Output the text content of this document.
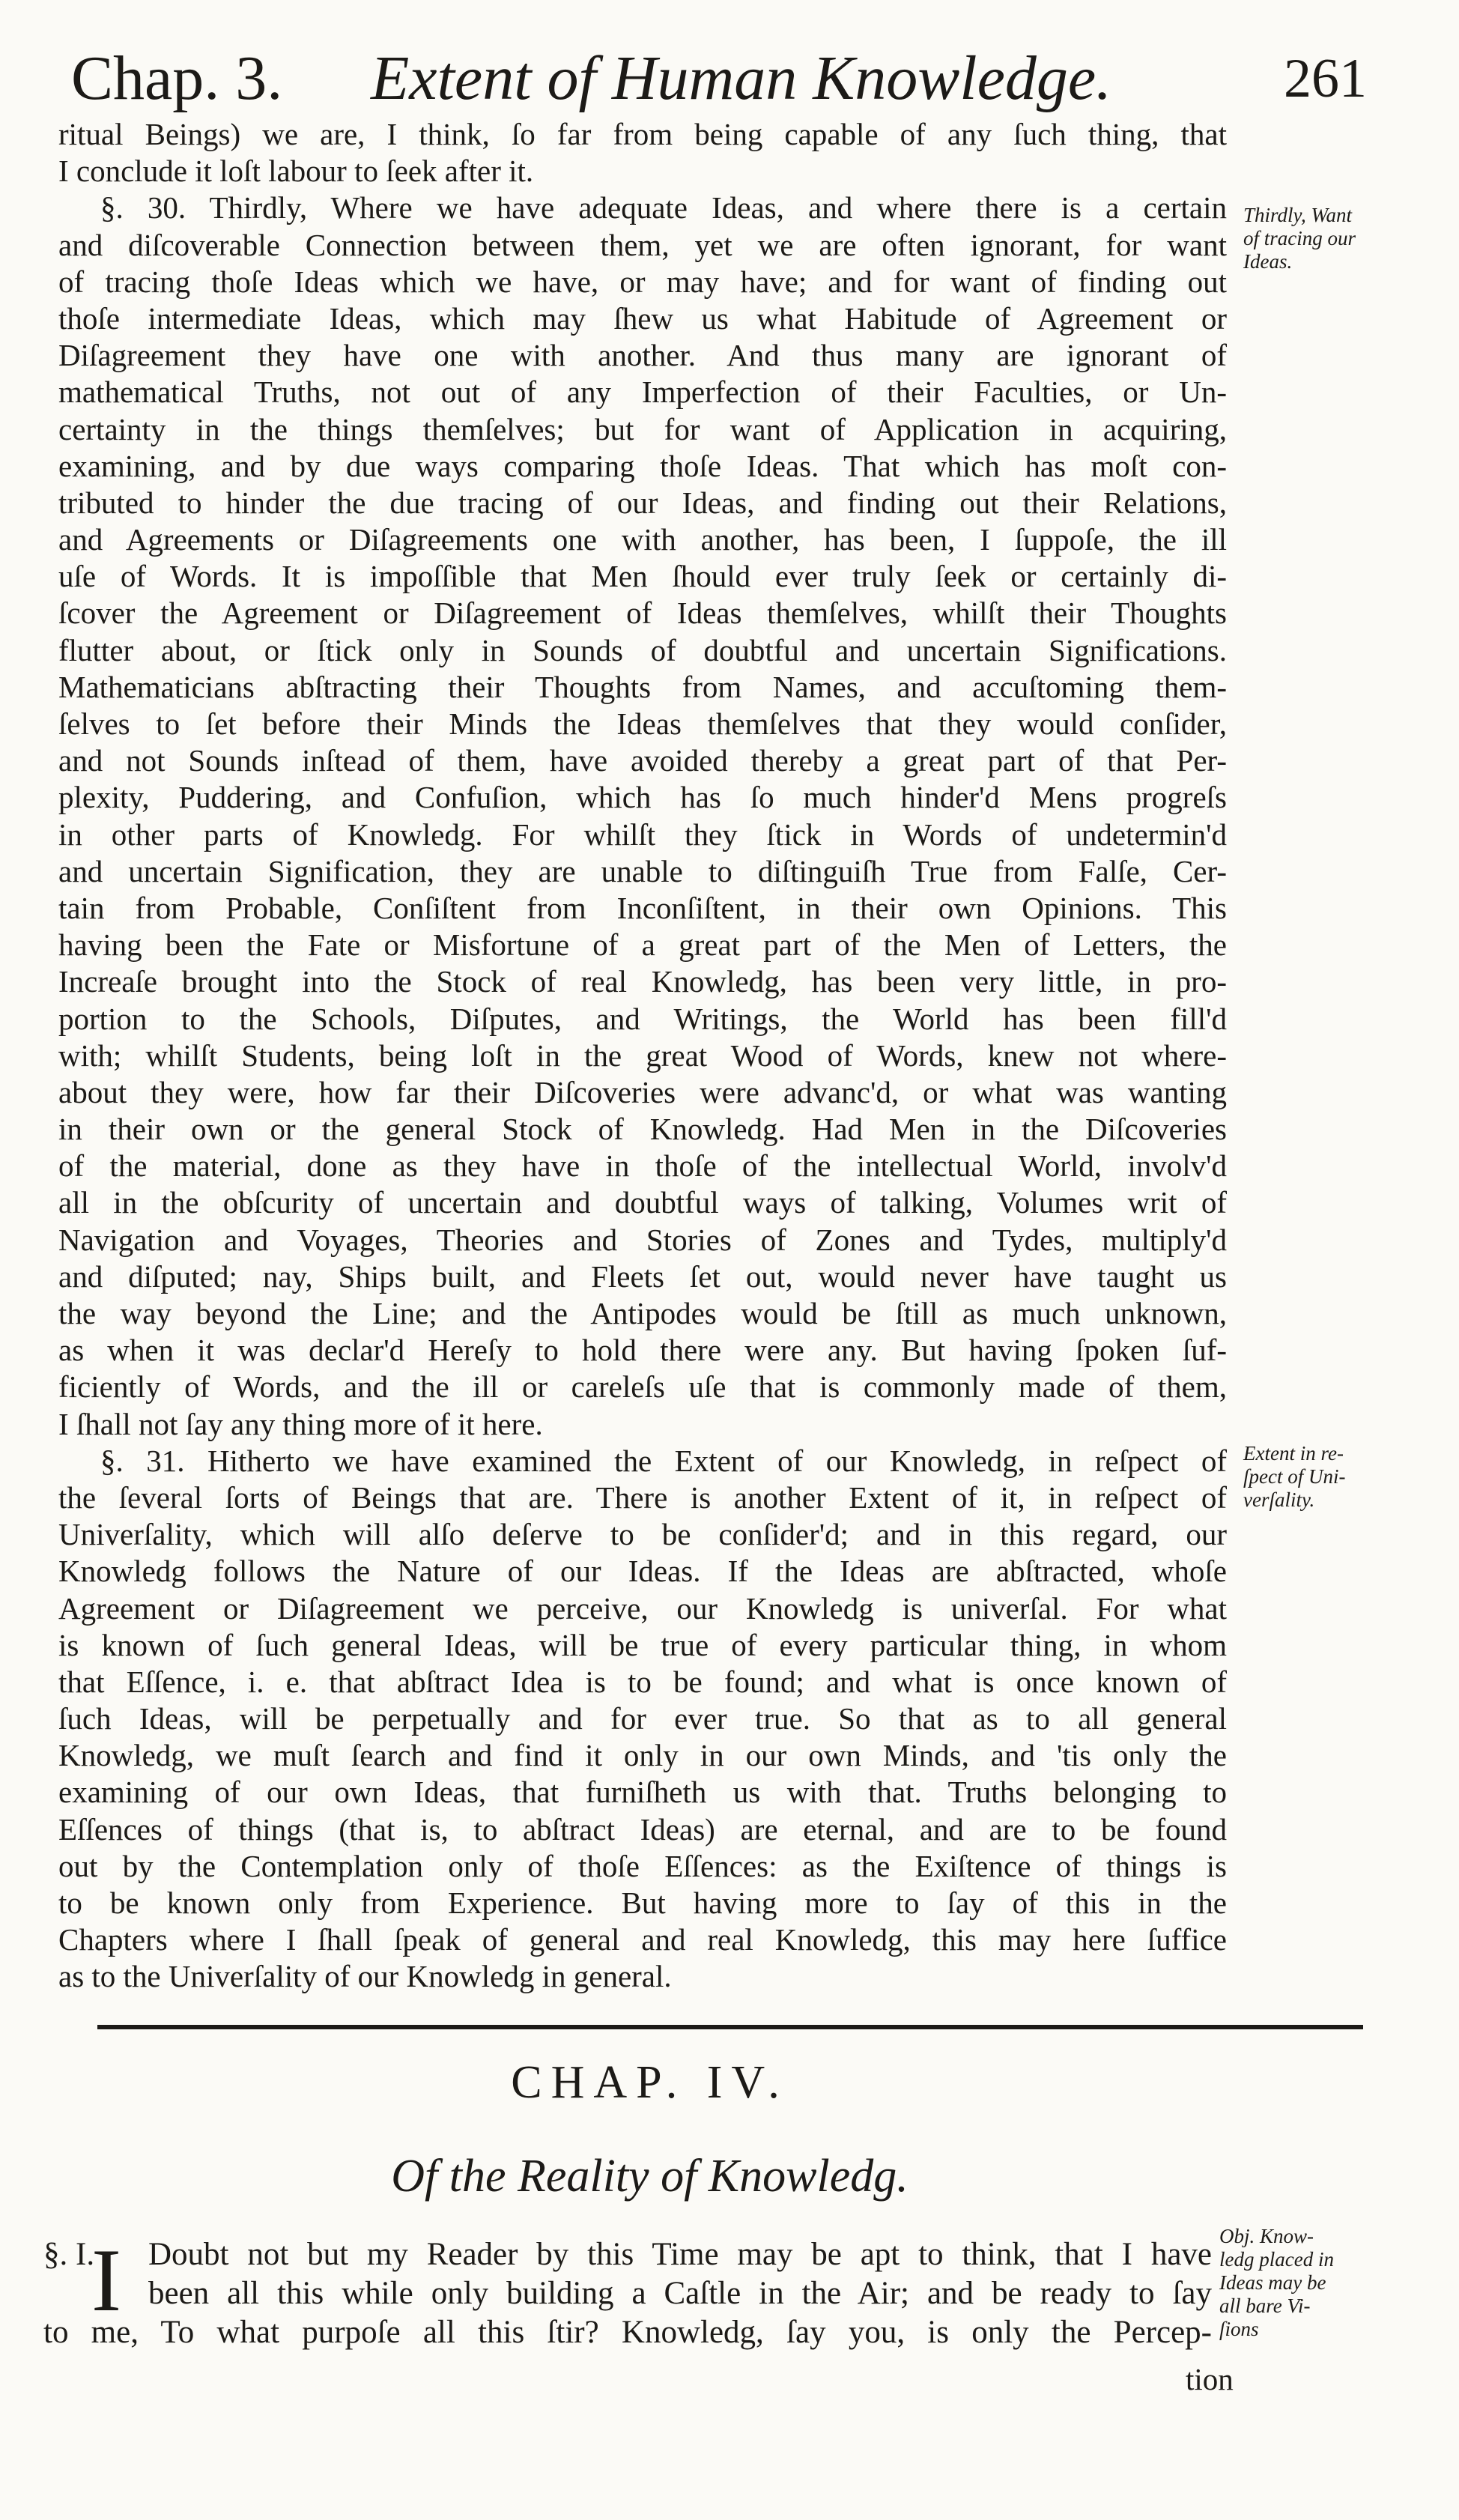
Chap. 3. Extent of Human Knowledge.	261
ritual Beings) we are, I think, ſo far from being capable of any ſuch thing, that
I conclude it loſt labour to ſeek after it.
§. 30. Thirdly, Where we have adequate Ideas, and where there is a certain
and diſcoverable Connection between them, yet we are often ignorant, for want
of tracing thoſe Ideas which we have, or may have; and for want of finding out
thoſe intermediate Ideas, which may ſhew us what Habitude of Agreement or
Diſagreement they have one with another. And thus many are ignorant of
mathematical Truths, not out of any Imperfection of their Faculties, or Un-
certainty in the things themſelves; but for want of Application in acquiring,
examining, and by due ways comparing thoſe Ideas. That which has moſt con-
tributed to hinder the due tracing of our Ideas, and finding out their Relations,
and Agreements or Diſagreements one with another, has been, I ſuppoſe, the ill
uſe of Words. It is impoſſible that Men ſhould ever truly ſeek or certainly di-
ſcover the Agreement or Diſagreement of Ideas themſelves, whilſt their Thoughts
flutter about, or ſtick only in Sounds of doubtful and uncertain Significations.
Mathematicians abſtracting their Thoughts from Names, and accuſtoming them-
ſelves to ſet before their Minds the Ideas themſelves that they would conſider,
and not Sounds inſtead of them, have avoided thereby a great part of that Per-
plexity, Puddering, and Confuſion, which has ſo much hinder'd Mens progreſs
in other parts of Knowledg. For whilſt they ſtick in Words of undetermin'd
and uncertain Signification, they are unable to diſtinguiſh True from Falſe, Cer-
tain from Probable, Conſiſtent from Inconſiſtent, in their own Opinions. This
having been the Fate or Misfortune of a great part of the Men of Letters, the
Increaſe brought into the Stock of real Knowledg, has been very little, in pro-
portion to the Schools, Diſputes, and Writings, the World has been fill'd
with; whilſt Students, being loſt in the great Wood of Words, knew not where-
about they were, how far their Diſcoveries were advanc'd, or what was wanting
in their own or the general Stock of Knowledg. Had Men in the Diſcoveries
of the material, done as they have in thoſe of the intellectual World, involv'd
all in the obſcurity of uncertain and doubtful ways of talking, Volumes writ of
Navigation and Voyages, Theories and Stories of Zones and Tydes, multiply'd
and diſputed; nay, Ships built, and Fleets ſet out, would never have taught us
the way beyond the Line; and the Antipodes would be ſtill as much unknown,
as when it was declar'd Hereſy to hold there were any. But having ſpoken ſuf-
ficiently of Words, and the ill or careleſs uſe that is commonly made of them,
I ſhall not ſay any thing more of it here.
§. 31. Hitherto we have examined the Extent of our Knowledg, in reſpect of
the ſeveral ſorts of Beings that are. There is another Extent of it, in reſpect of
Univerſality, which will alſo deſerve to be conſider'd; and in this regard, our
Knowledg follows the Nature of our Ideas. If the Ideas are abſtracted, whoſe
Agreement or Diſagreement we perceive, our Knowledg is univerſal. For what
is known of ſuch general Ideas, will be true of every particular thing, in whom
that Eſſence, i. e. that abſtract Idea is to be found; and what is once known of
ſuch Ideas, will be perpetually and for ever true. So that as to all general
Knowledg, we muſt ſearch and find it only in our own Minds, and 'tis only the
examining of our own Ideas, that furniſheth us with that. Truths belonging to
Eſſences of things (that is, to abſtract Ideas) are eternal, and are to be found
out by the Contemplation only of thoſe Eſſences: as the Exiſtence of things is
to be known only from Experience. But having more to ſay of this in the
Chapters where I ſhall ſpeak of general and real Knowledg, this may here ſuffice
as to the Univerſality of our Knowledg in general.
Thirdly, Want
of tracing our
Ideas.
Extent in re-
ſpect of Uni-
verſality.
CHAP. IV.
Of the Reality of Knowledg.
I
§. I. Doubt not but my Reader by this Time may be apt to think, that I have
been all this while only building a Caſtle in the Air; and be ready to ſay
to me, To what purpoſe all this ſtir? Knowledg, ſay you, is only the Percep-
tion
Obj. Know-
ledg placed in
Ideas may be
all bare Vi-
ſions
